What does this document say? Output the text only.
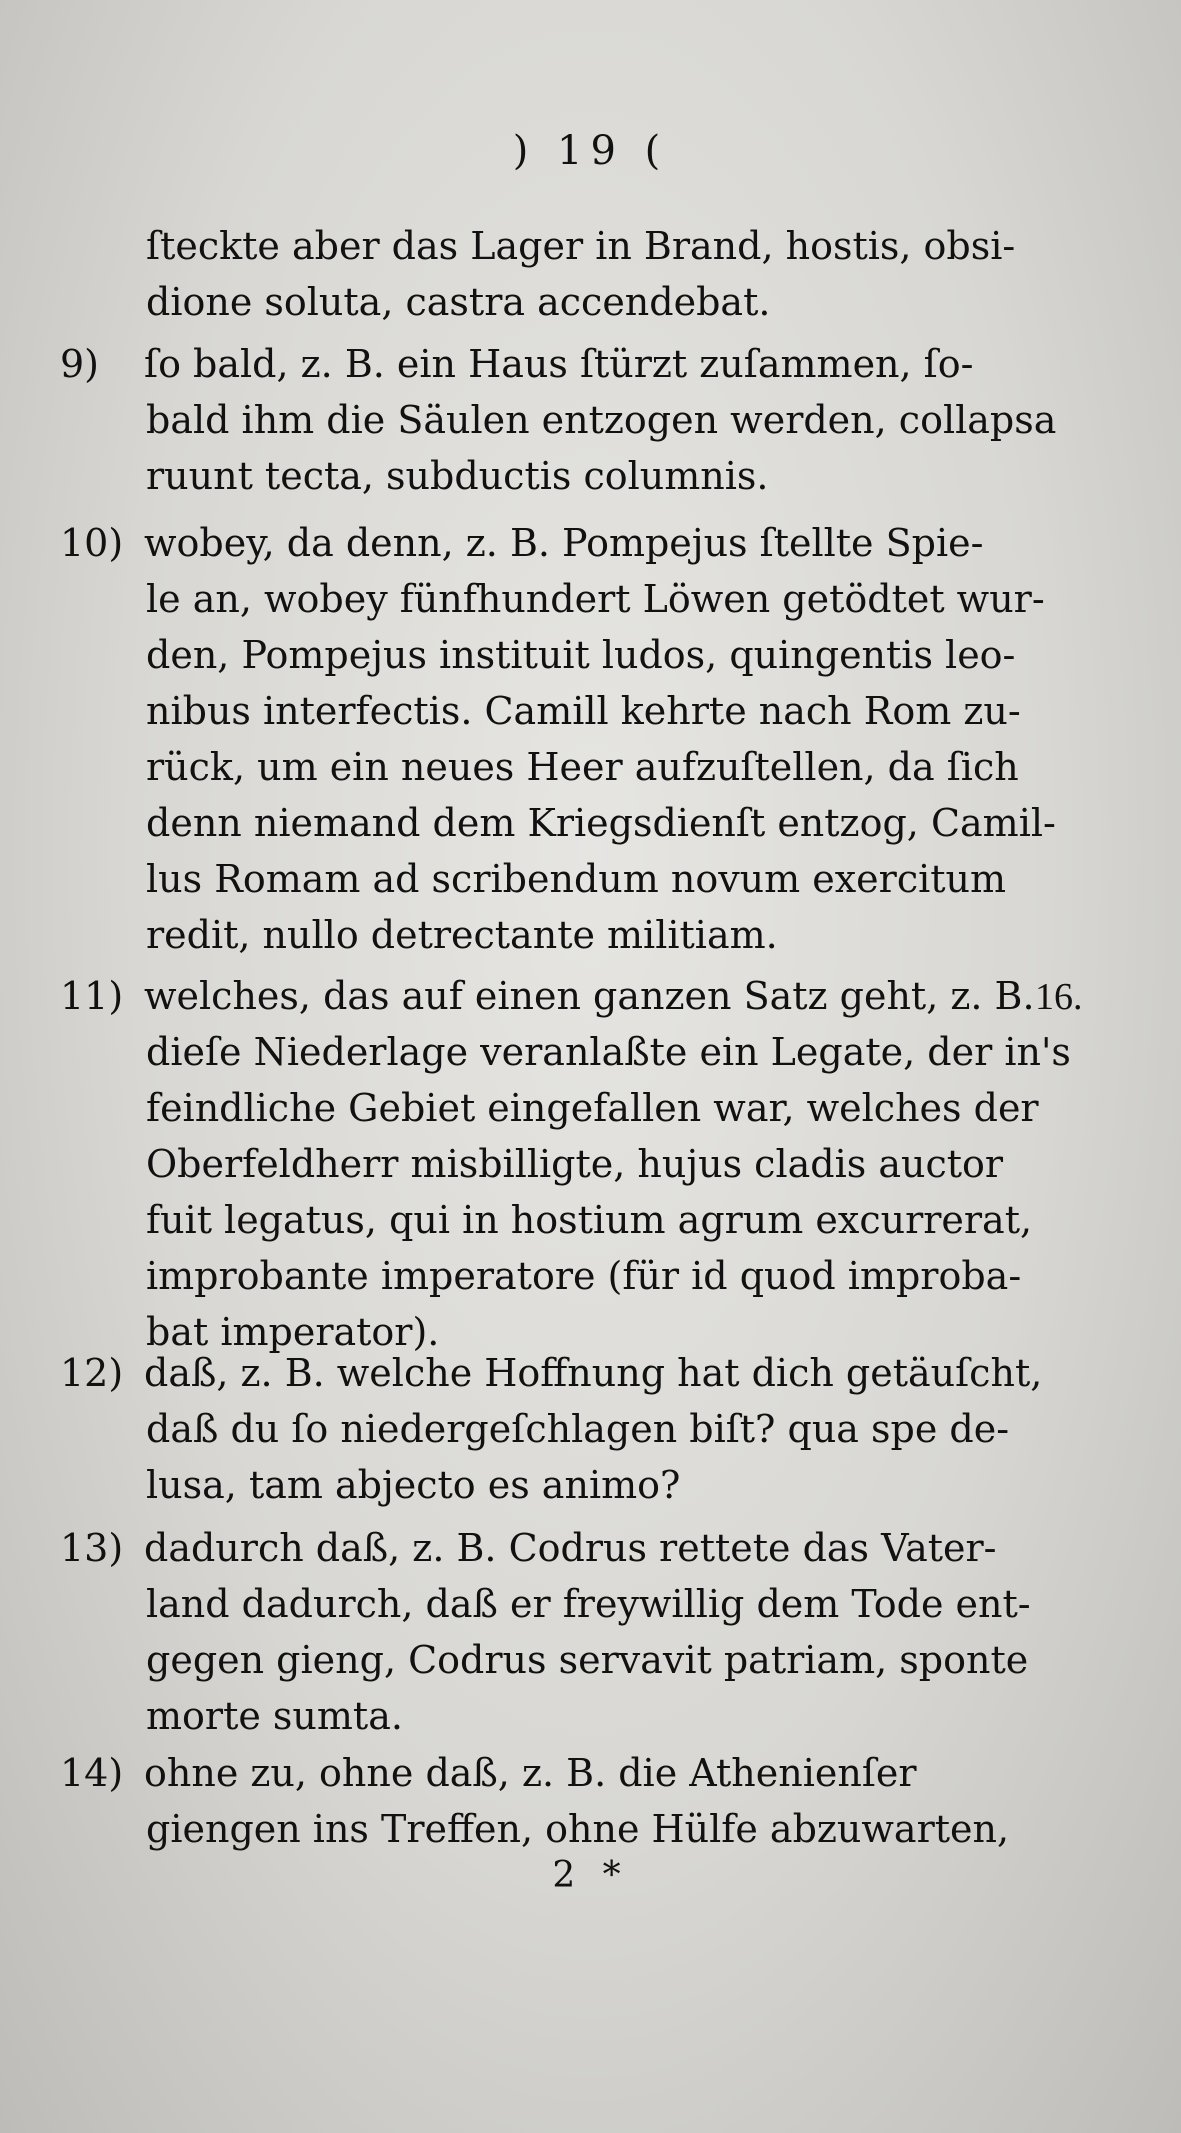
) 19 (
ſteckte aber das Lager in Brand, hostis, obsi-
dione soluta, castra accendebat.
9) ſo bald, z. B. ein Haus ſtürzt zuſammen, ſo-
bald ihm die Säulen entzogen werden, collapsa
ruunt tecta, subductis columnis.
10) wobey, da denn, z. B. Pompejus ſtellte Spie-
le an, wobey fünfhundert Löwen getödtet wur-
den, Pompejus instituit ludos, quingentis leo-
nibus interfectis. Camill kehrte nach Rom zu-
rück, um ein neues Heer aufzuſtellen, da ſich
denn niemand dem Kriegsdienſt entzog, Camil-
lus Romam ad scribendum novum exercitum
redit, nullo detrectante militiam.
11) welches, das auf einen ganzen Satz geht, z. B.
dieſe Niederlage veranlaßte ein Legate, der in's
feindliche Gebiet eingefallen war, welches der
Oberfeldherr misbilligte, hujus cladis auctor
fuit legatus, qui in hostium agrum excurrerat,
improbante imperatore (für id quod improba-
bat imperator).
16.
12) daß, z. B. welche Hoffnung hat dich getäuſcht,
daß du ſo niedergeſchlagen biſt? qua spe de-
lusa, tam abjecto es animo?
13) dadurch daß, z. B. Codrus rettete das Vater-
land dadurch, daß er freywillig dem Tode ent-
gegen gieng, Codrus servavit patriam, sponte
morte sumta.
14) ohne zu, ohne daß, z. B. die Athenienſer
giengen ins Treffen, ohne Hülfe abzuwarten,
2 *
